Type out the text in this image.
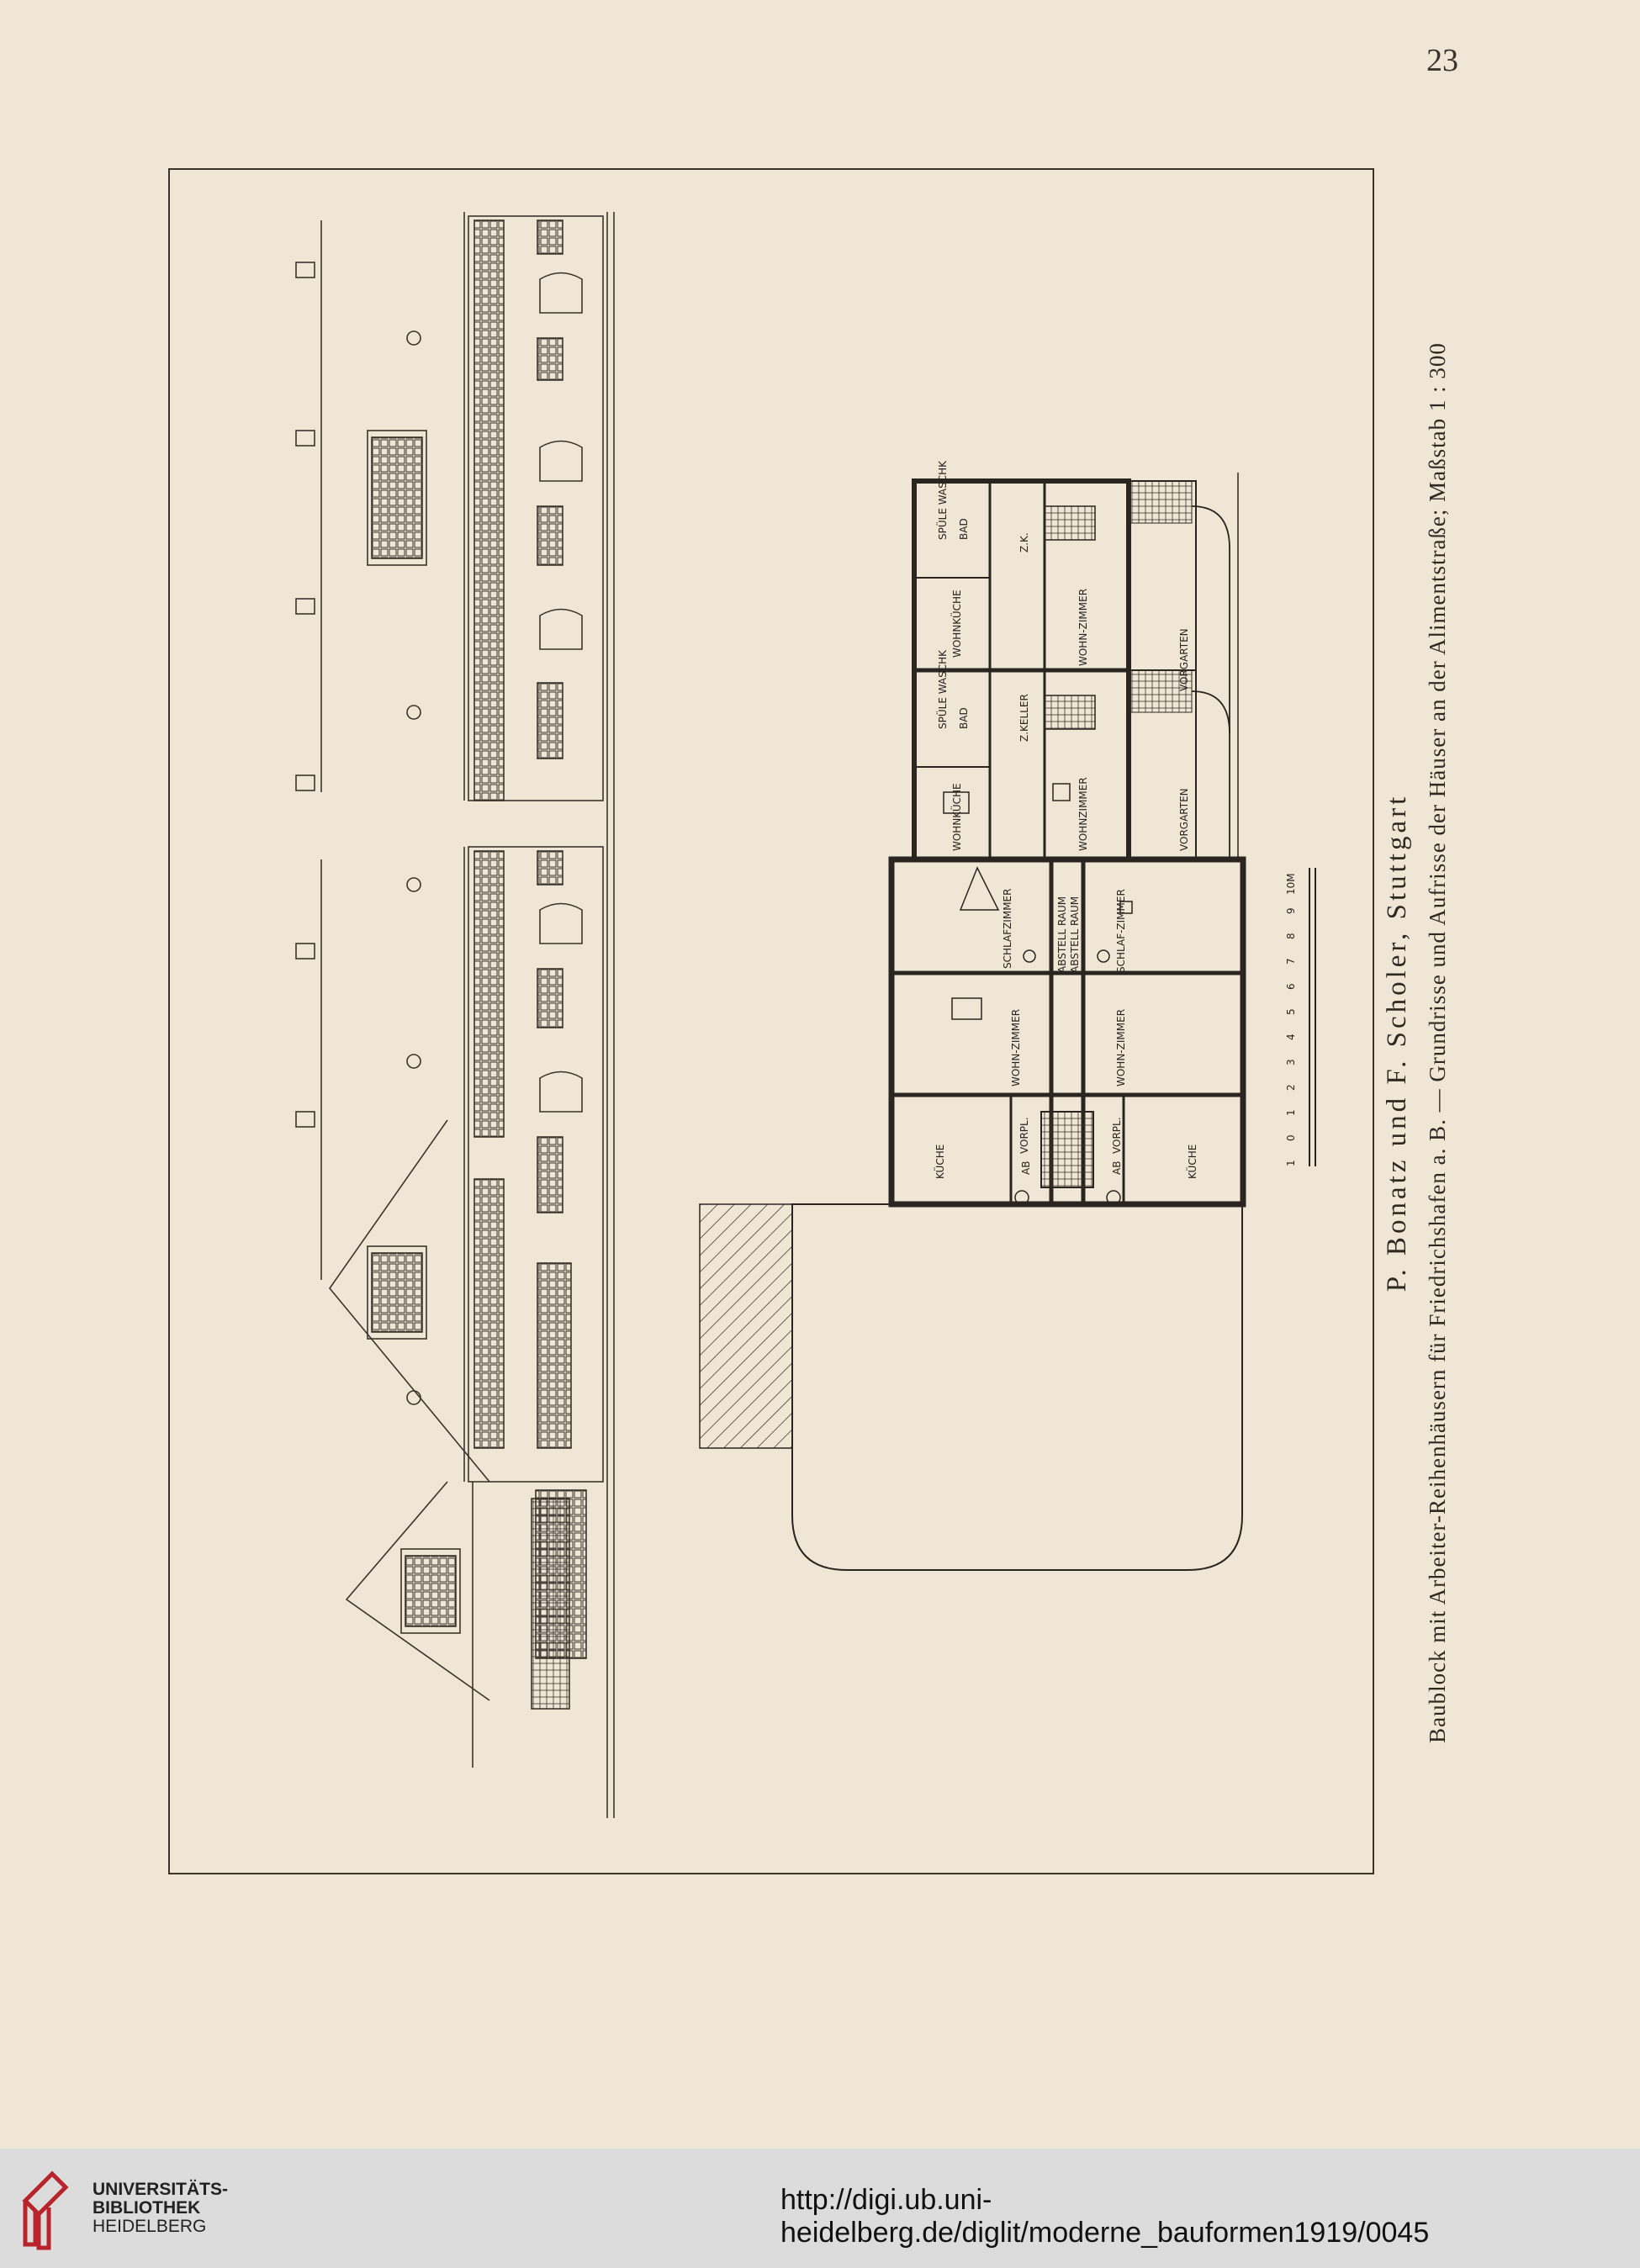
23
SPÜLE WASCHK BAD
Z.K.
WOHNKÜCHE	WOHN-ZIMMER	VORGARTEN
SPÜLE WASCHK BAD	Z.KELLER
WOHNKÜCHE	WOHNZIMMER	VORGARTEN
SCHLAFZIMMER	ABSTELL RAUM ABSTELL RAUM	SCHLAF-ZIMMER
WOHN-ZIMMER	WOHN-ZIMMER
KÜCHE
VORPL.	VORPL.
KÜCHE
AB	AB	1
0
1
2
3
4
5
6
7
8
9
10M	P. Bonatz und F. Scholer, Stuttgart Baublock mit Arbeiter-Reihenhäusern für Friedrichshafen a. B. — Grundrisse und Aufrisse der Häuser an der Alimentstraße; Maßstab 1 : 300
UNIVERSITÄTS-
BIBLIOTHEK
HEIDELBERG
http://digi.ub.uni-heidelberg.de/diglit/moderne_bauformen1919/0045
